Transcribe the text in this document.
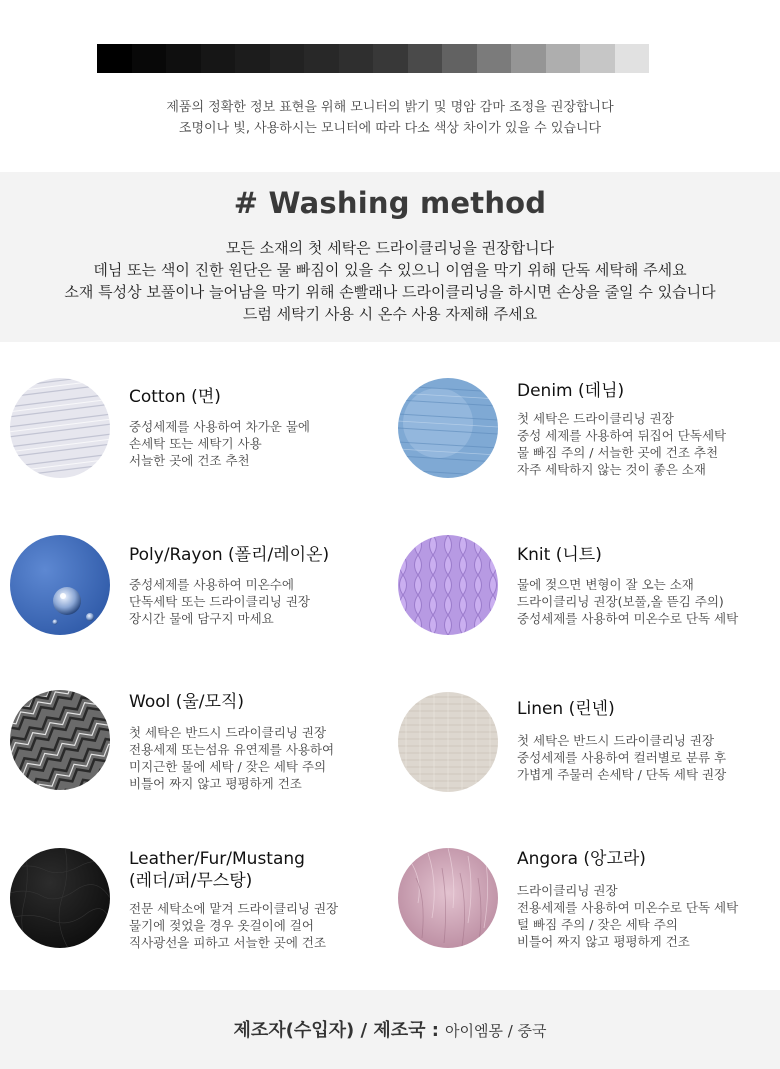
제품의 정확한 정보 표현을 위해 모니터의 밝기 및 명암 감마 조정을 권장합니다
조명이나 빛, 사용하시는 모니터에 따라 다소 색상 차이가 있을 수 있습니다
# Washing method
모든 소재의 첫 세탁은 드라이클리닝을 권장합니다
데님 또는 색이 진한 원단은 물 빠짐이 있을 수 있으니 이염을 막기 위해 단독 세탁해 주세요
소재 특성상 보풀이나 늘어남을 막기 위해 손빨래나 드라이클리닝을 하시면 손상을 줄일 수 있습니다
드럼 세탁기 사용 시 온수 사용 자제해 주세요
Cotton (면)
중성세제를 사용하여 차가운 물에
손세탁 또는 세탁기 사용
서늘한 곳에 건조 추천
Denim (데님)
첫 세탁은 드라이클리닝 권장
중성 세제를 사용하여 뒤집어 단독세탁
물 빠짐 주의 / 서늘한 곳에 건조 추천
자주 세탁하지 않는 것이 좋은 소재
Poly/Rayon (폴리/레이온)
중성세제를 사용하여 미온수에
단독세탁 또는 드라이클리닝 권장
장시간 물에 담구지 마세요
Knit (니트)
물에 젖으면 변형이 잘 오는 소재
드라이클리닝 권장(보풀,올 뜯김 주의)
중성세제를 사용하여 미온수로 단독 세탁
Wool (울/모직)
첫 세탁은 반드시 드라이클리닝 권장
전용세제 또는섬유 유연제를 사용하여
미지근한 물에 세탁 / 잦은 세탁 주의
비틀어 짜지 않고 평평하게 건조
Linen (린넨)
첫 세탁은 반드시 드라이클리닝 권장
중성세제를 사용하여 컬러별로 분류 후
가볍게 주물러 손세탁 / 단독 세탁 권장
Leather/Fur/Mustang
(레더/퍼/무스탕)
전문 세탁소에 맡겨 드라이클리닝 권장
물기에 젖었을 경우 옷걸이에 걸어
직사광선을 피하고 서늘한 곳에 건조
Angora (앙고라)
드라이클리닝 권장
전용세제를 사용하여 미온수로 단독 세탁
털 빠짐 주의 / 잦은 세탁 주의
비틀어 짜지 않고 평평하게 건조
제조자(수입자) / 제조국 : 아이엠몽 / 중국
